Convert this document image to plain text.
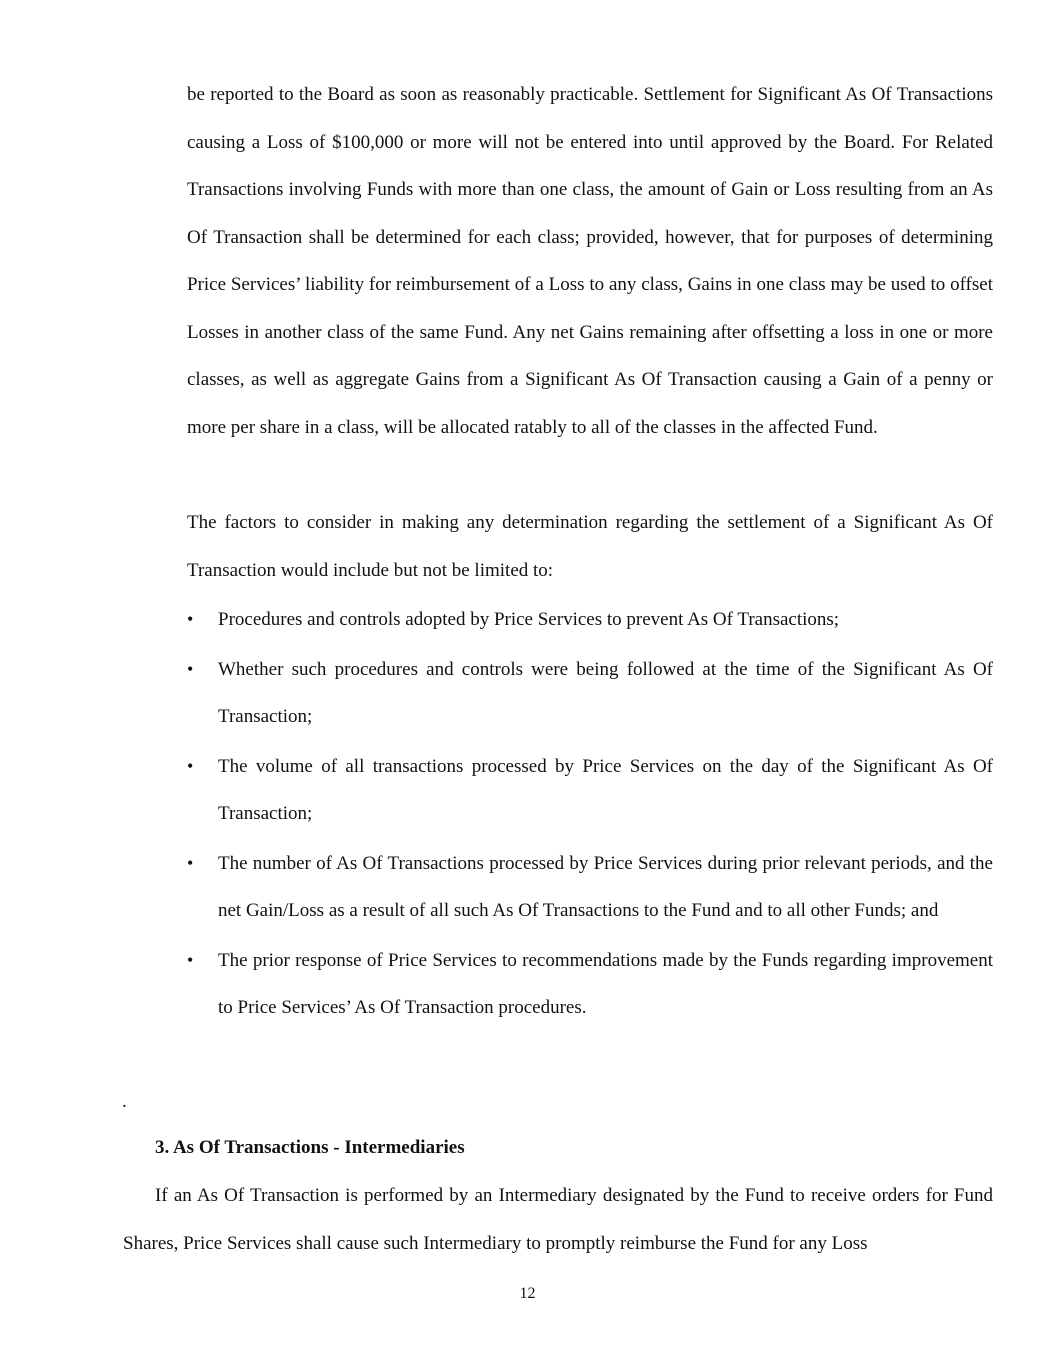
be reported to the Board as soon as reasonably practicable. Settlement for Significant As Of Transactions causing a Loss of $100,000 or more will not be entered into until approved by the Board. For Related Transactions involving Funds with more than one class, the amount of Gain or Loss resulting from an As Of Transaction shall be determined for each class; provided, however, that for purposes of determining Price Services’ liability for reimbursement of a Loss to any class, Gains in one class may be used to offset Losses in another class of the same Fund. Any net Gains remaining after offsetting a loss in one or more classes, as well as aggregate Gains from a Significant As Of Transaction causing a Gain of a penny or more per share in a class, will be allocated ratably to all of the classes in the affected Fund.

The factors to consider in making any determination regarding the settlement of a Significant As Of Transaction would include but not be limited to:

• Procedures and controls adopted by Price Services to prevent As Of Transactions;
• Whether such procedures and controls were being followed at the time of the Significant As Of Transaction;
• The volume of all transactions processed by Price Services on the day of the Significant As Of Transaction;
• The number of As Of Transactions processed by Price Services during prior relevant periods, and the net Gain/Loss as a result of all such As Of Transactions to the Fund and to all other Funds; and
• The prior response of Price Services to recommendations made by the Funds regarding improvement to Price Services’ As Of Transaction procedures.
.
3. As Of Transactions - Intermediaries

If an As Of Transaction is performed by an Intermediary designated by the Fund to receive orders for Fund Shares, Price Services shall cause such Intermediary to promptly reimburse the Fund for any Loss

12
